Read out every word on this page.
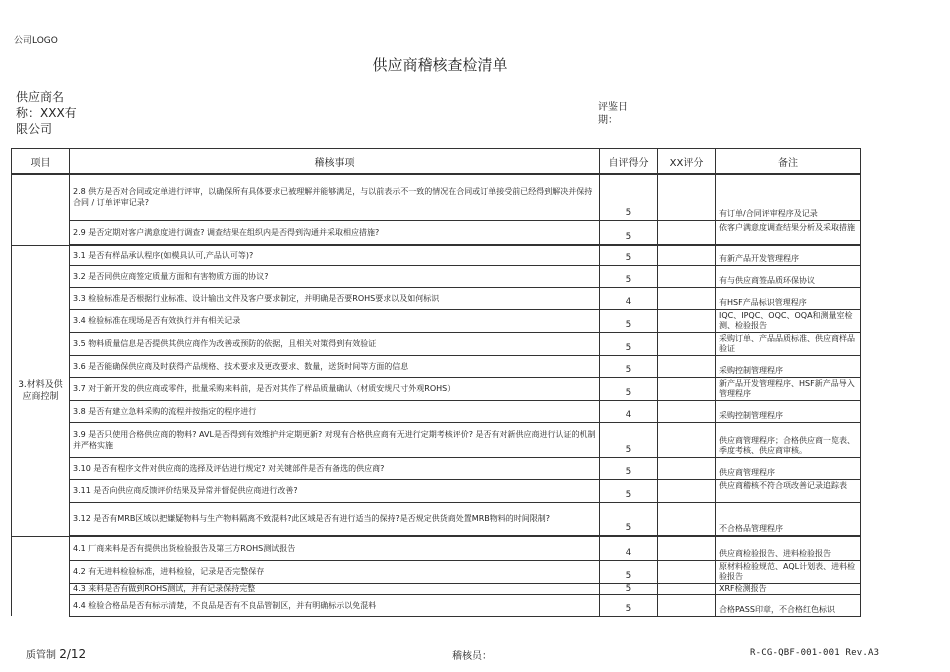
公司LOGO
供应商稽核查检清单
供应商名称：XXX有限公司
评鉴日期：
项目	稽核事项	自评得分	XX评分	备注
	2.8 供方是否对合同或定单进行评审，以确保所有具体要求已被理解并能够满足，与以前表示不一致的情况在合同或订单接受前已经得到解决并保持合同 / 订单评审记录?	5		有订单/合同评审程序及记录
	2.9 是否定期对客户满意度进行调查? 调查结果在组织内是否得到沟通并采取相应措施?	5		依客户满意度调查结果分析及采取措施

3.材料及供应商控制	3.1 是否有样品承认程序(如模具认可,产品认可等)?	5		有新产品开发管理程序
	3.2 是否同供应商签定质量方面和有害物质方面的协议?	5		有与供应商签品质环保协议
	3.3 检验标准是否根据行业标准、设计输出文件及客户要求制定，并明确是否要ROHS要求以及如何标识	4		有HSF产品标识管理程序
	3.4 检验标准在现场是否有效执行并有相关记录	5		IQC、IPQC、OQC、OQA和测量室检测、检验报告

	3.5 物料质量信息是否提供其供应商作为改善或预防的依据，且相关对策得到有效验证	5		采购订单、产品品质标准、供应商样品验证

	3.6 是否能确保供应商及时获得产品规格、技术要求及更改要求、数量，送货时间等方面的信息	5		采购控制管理程序
	3.7 对于新开发的供应商或零件，批量采购来料前，是否对其作了样品质量确认（材质安规尺寸外观ROHS）	5		新产品开发管理程序、HSF新产品导入管理程序

	3.8 是否有建立急料采购的流程并按指定的程序进行	4		采购控制管理程序
	3.9 是否只使用合格供应商的物料? AVL是否得到有效维护并定期更新? 对现有合格供应商有无进行定期考核评价? 是否有对新供应商进行认证的机制并严格实施	5		供应商管理程序；合格供应商一览表、季度考核、供应商审核。
	3.10 是否有程序文件对供应商的选择及评估进行规定? 对关键部件是否有备选的供应商?	5		供应商管理程序
	3.11 是否向供应商反馈评价结果及异常并督促供应商进行改善?	5		供应商稽核不符合项改善记录追踪表

	3.12 是否有MRB区域以把嫌疑物料与生产物料隔离不致混料?此区域是否有进行适当的保持?是否规定供货商处置MRB物料的时间限制?	5		不合格品管理程序
	4.1 厂商来料是否有提供出货检验报告及第三方ROHS测试报告	4		供应商检验报告、进料检验报告
	4.2 有无进料检验标准，进料检验，记录是否完整保存	5		原材料检验规范、AQL计划表、进料检验报告

	4.3 来料是否有做到ROHS测试，并有记录保持完整	5		XRF检测报告

	4.4 检验合格品是否有标示清楚，不良品是否有不良品管制区，并有明确标示以免混料	5		合格PASS印章，不合格红色标识
质管制 2/12	稽核员：	R-CG-QBF-001-001 Rev.A3
